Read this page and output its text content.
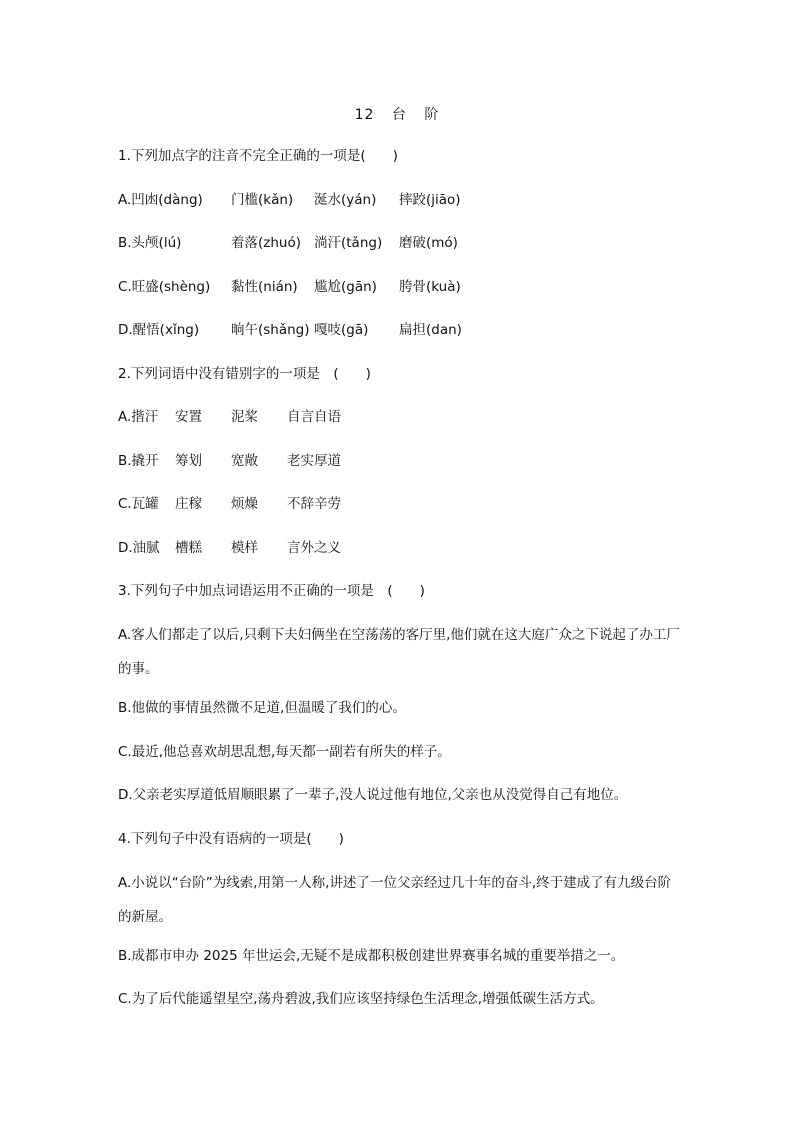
12 台 阶
1.下列加点字的注音不完全正确的一项是(　　)
A.凹凼(dàng) 门槛(kǎn) 涎水(yán) 摔跤(jiāo)
B.头颅(lú)	着落(zhuó) 淌汗(tǎng) 磨破(mó)
C.旺盛(shèng) 黏性(nián) 尴尬(gān) 胯骨(kuà)
D.醒悟(xǐng) 晌午(shǎng) 嘎吱(gā) 扁担(dan)
2.下列词语中没有错别字的一项是　(　　)
A.揩汗 安置 泥桨 自言自语
B.撬开 筹划 宽敞 老实厚道
C.瓦罐 庄稼 烦燥 不辞辛劳
D.油腻 槽糕 模样 言外之义
3.下列句子中加点词语运用不正确的一项是　(　　)
A.客人们都走了以后,只剩下夫妇俩坐在空荡荡的客厅里,他们就在这大庭广众之下说起了办工厂的事。
B.他做的事情虽然微不足道,但温暖了我们的心。
C.最近,他总喜欢胡思乱想,每天都一副若有所失的样子。
D.父亲老实厚道低眉顺眼累了一辈子,没人说过他有地位,父亲也从没觉得自己有地位。
4.下列句子中没有语病的一项是(　　)
A.小说以“台阶”为线索,用第一人称,讲述了一位父亲经过几十年的奋斗,终于建成了有九级台阶的新屋。
B.成都市申办 2025 年世运会,无疑不是成都积极创建世界赛事名城的重要举措之一。
C.为了后代能遥望星空,荡舟碧波,我们应该坚持绿色生活理念,增强低碳生活方式。
